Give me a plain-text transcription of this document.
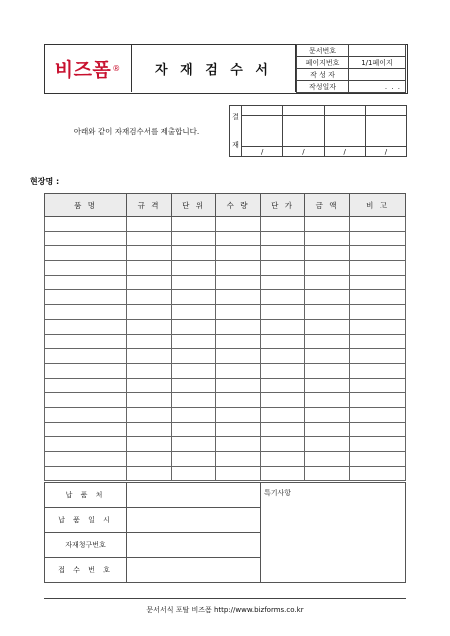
비즈폼 ®	자 재 검 수 서
문서번호	
페이지번호	1/1페이지
작 성 자	
작성일자	. . .
아래와 같이 자재검수서를 제출합니다.
결

재				

	/	/	/	/
현장명 :
품 명	규 격	단 위	수 량	단 가	금 액	비 고

납 품 처		특기사항
납 품 일 시		
자재청구번호		
접 수 번 호		
문서서식 포탈 비즈폼 http://www.bizforms.co.kr
